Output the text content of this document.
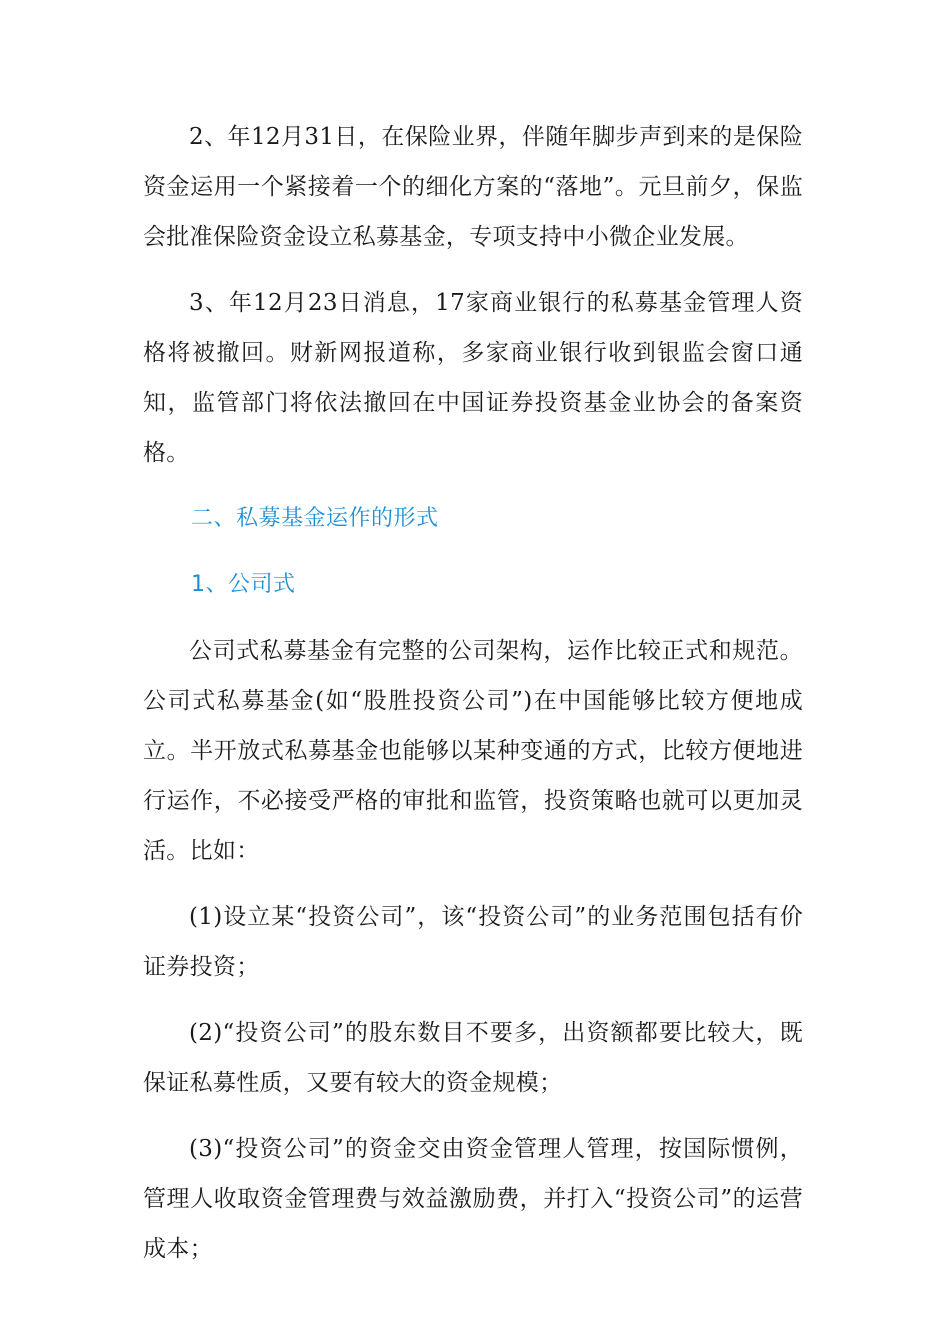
2、年12月31日，在保险业界，伴随年脚步声到来的是保险资金运用一个紧接着一个的细化方案的“落地”。元旦前夕，保监会批准保险资金设立私募基金，专项支持中小微企业发展。

3、年12月23日消息，17家商业银行的私募基金管理人资格将被撤回。财新网报道称，多家商业银行收到银监会窗口通知，监管部门将依法撤回在中国证券投资基金业协会的备案资格。

二、私募基金运作的形式

1、公司式

公司式私募基金有完整的公司架构，运作比较正式和规范。公司式私募基金(如“股胜投资公司”)在中国能够比较方便地成立。半开放式私募基金也能够以某种变通的方式，比较方便地进行运作，不必接受严格的审批和监管，投资策略也就可以更加灵活。比如：

(1)设立某“投资公司”，该“投资公司”的业务范围包括有价证券投资；

(2)“投资公司”的股东数目不要多，出资额都要比较大，既保证私募性质，又要有较大的资金规模；

(3)“投资公司”的资金交由资金管理人管理，按国际惯例，管理人收取资金管理费与效益激励费，并打入“投资公司”的运营成本；
